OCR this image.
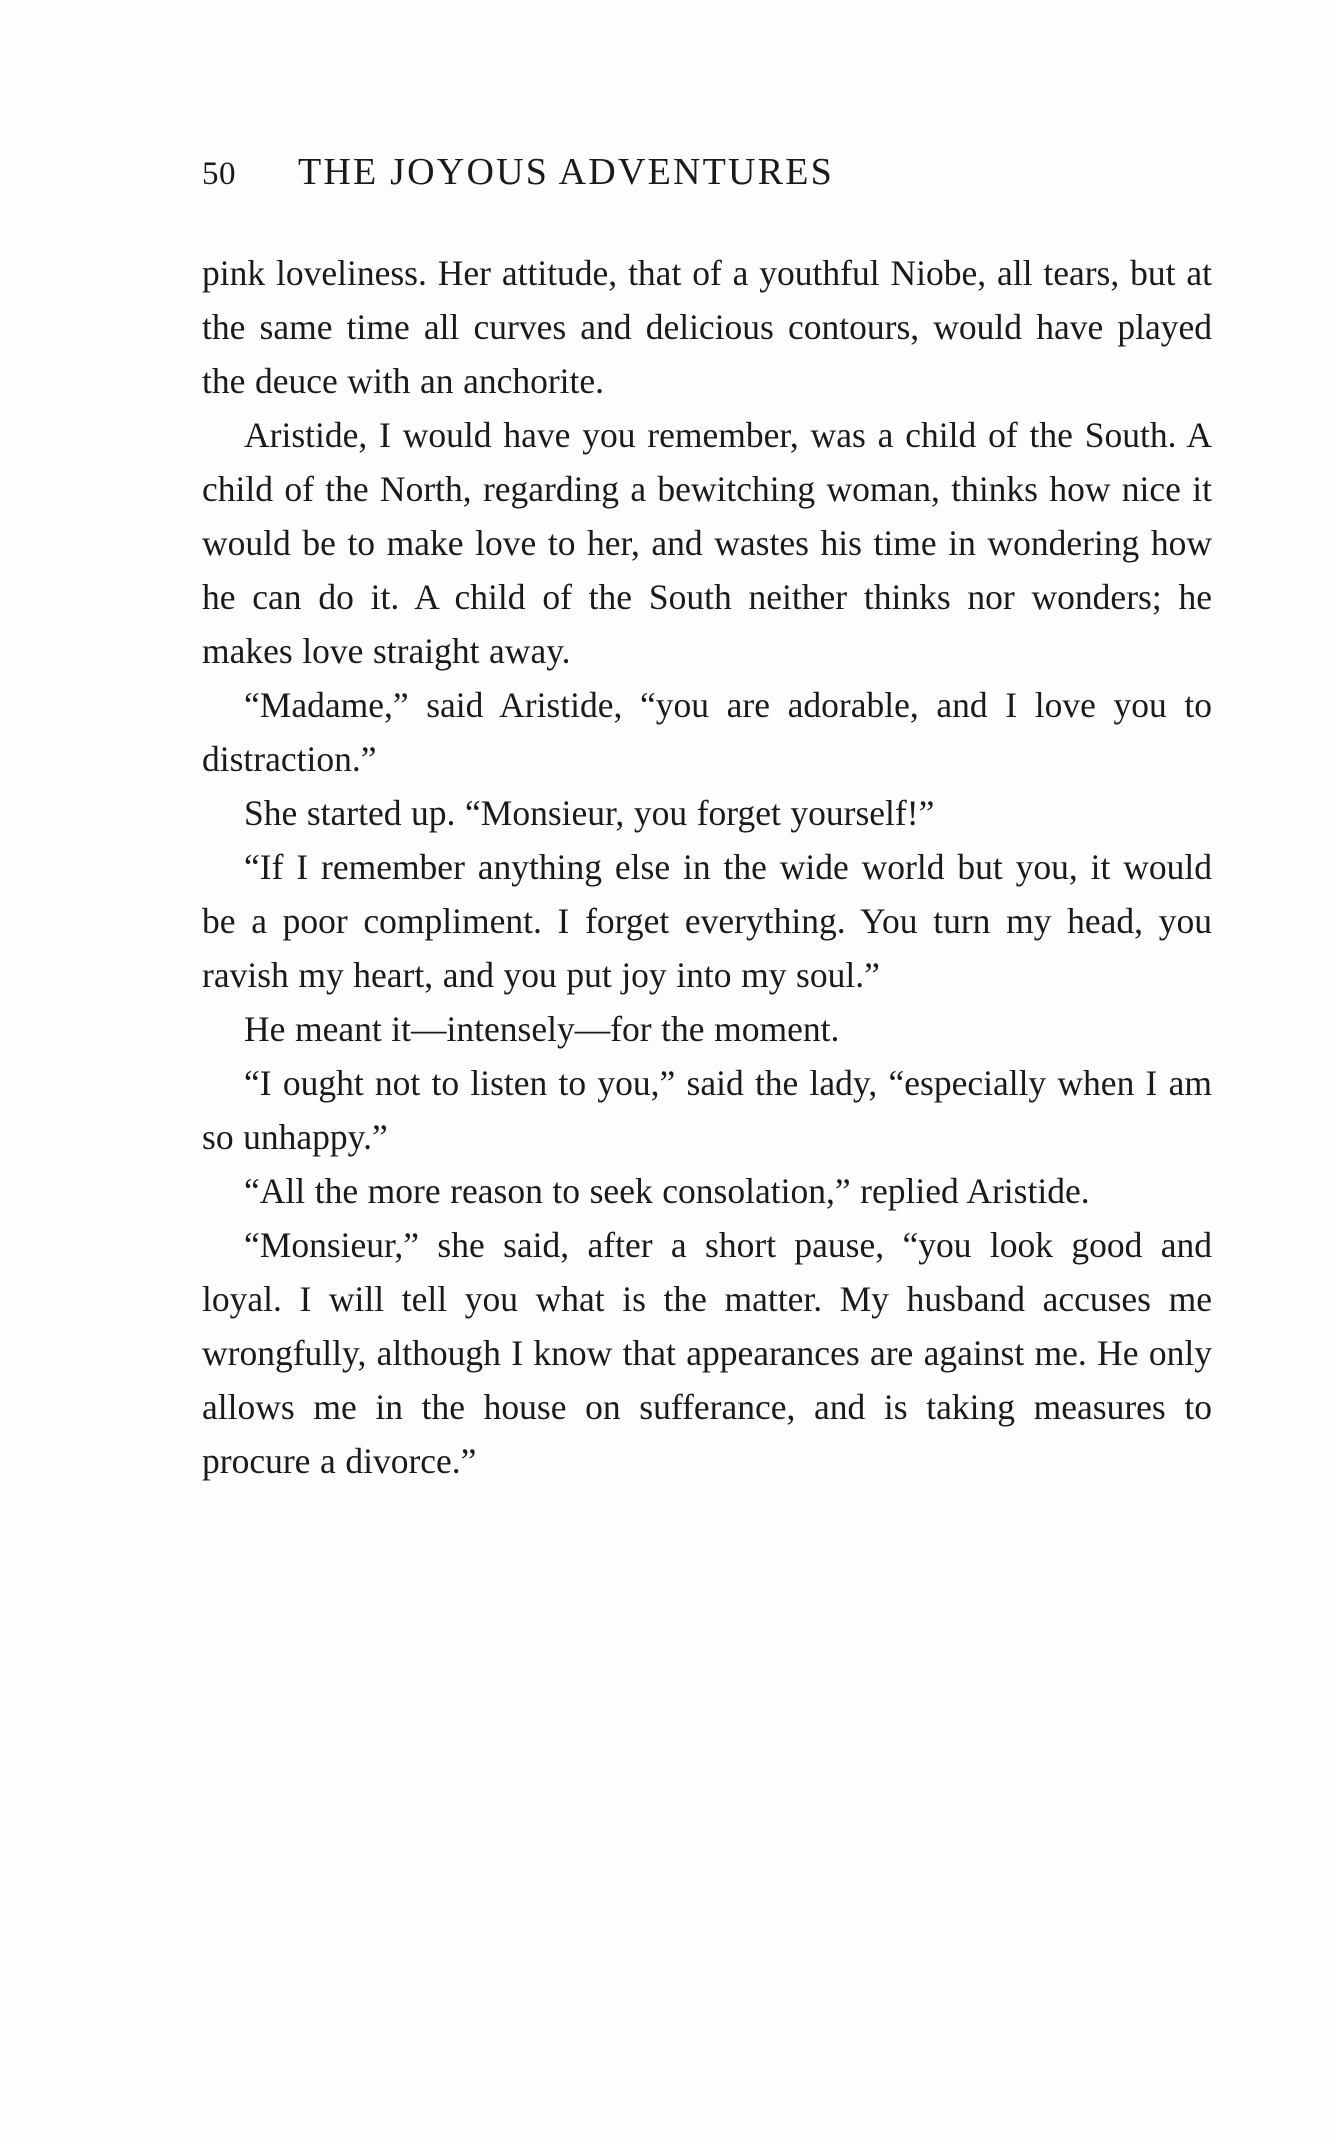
50	THE JOYOUS ADVENTURES

pink loveliness. Her attitude, that of a youthful Niobe, all tears, but at the same time all curves and delicious contours, would have played the deuce with an anchorite.

Aristide, I would have you remember, was a child of the South. A child of the North, regarding a bewitching woman, thinks how nice it would be to make love to her, and wastes his time in wondering how he can do it. A child of the South neither thinks nor wonders; he makes love straight away.

“Madame,” said Aristide, “you are adorable, and I love you to distraction.”

She started up. “Monsieur, you forget yourself!”

“If I remember anything else in the wide world but you, it would be a poor compliment. I forget everything. You turn my head, you ravish my heart, and you put joy into my soul.”

He meant it—intensely—for the moment.

“I ought not to listen to you,” said the lady, “especially when I am so unhappy.”

“All the more reason to seek consolation,” replied Aristide.

“Monsieur,” she said, after a short pause, “you look good and loyal. I will tell you what is the matter. My husband accuses me wrongfully, although I know that appearances are against me. He only allows me in the house on sufferance, and is taking measures to procure a divorce.”
